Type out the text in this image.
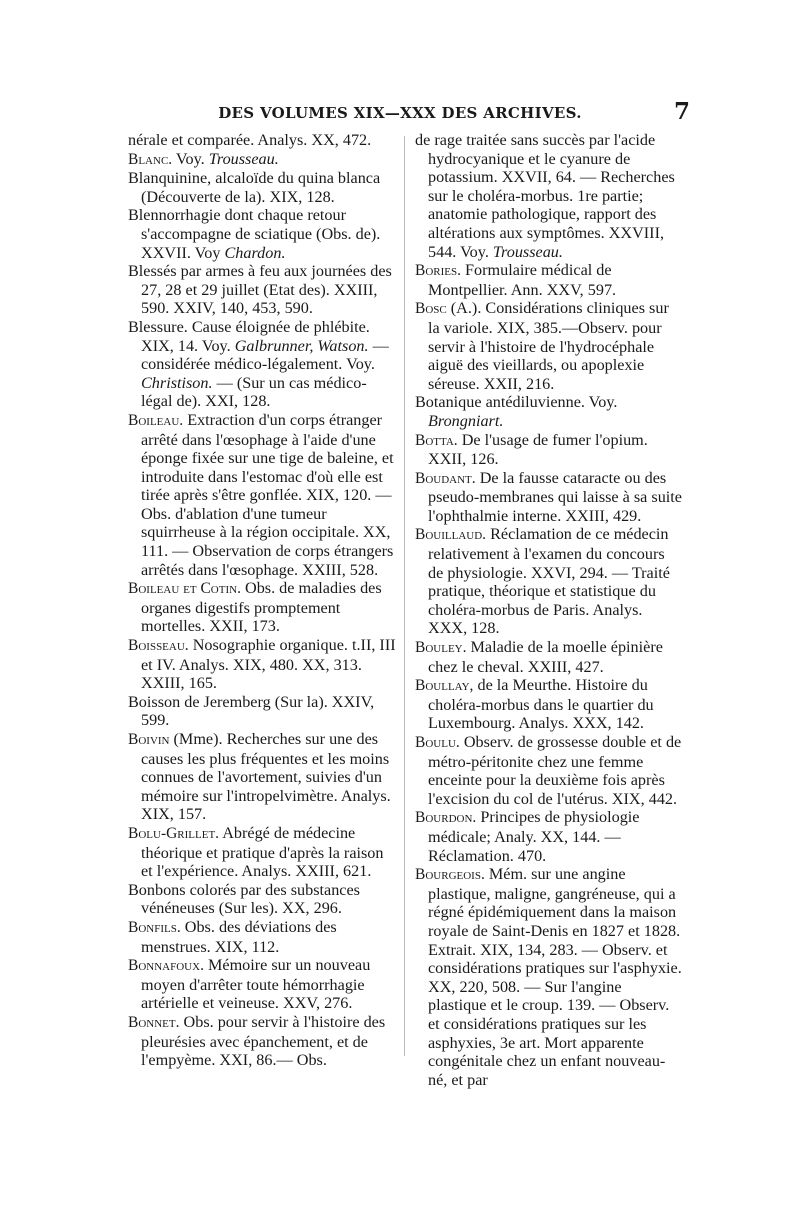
DES VOLUMES XIX—XXX DES ARCHIVES.	7
nérale et comparée. Analys. XX, 472.
Blanc. Voy. Trousseau.
Blanquinine, alcaloïde du quina blanca (Découverte de la). XIX, 128.
Blennorrhagie dont chaque retour s'accompagne de sciatique (Obs. de). XXVII. Voy Chardon.
Blessés par armes à feu aux journées des 27, 28 et 29 juillet (Etat des). XXIII, 590. XXIV, 140, 453, 590.
Blessure. Cause éloignée de phlébite. XIX, 14. Voy. Galbrunner, Watson. — considérée médico-légalement. Voy. Christison. — (Sur un cas médico-légal de). XXI, 128.
Boileau. Extraction d'un corps étranger arrêté dans l'œsophage à l'aide d'une éponge fixée sur une tige de baleine, et introduite dans l'estomac d'où elle est tirée après s'être gonflée. XIX, 120. — Obs. d'ablation d'une tumeur squirrheuse à la région occipitale. XX, 111. — Observation de corps étrangers arrêtés dans l'œsophage. XXIII, 528.
Boileau et Cotin. Obs. de maladies des organes digestifs promptement mortelles. XXII, 173.
Boisseau. Nosographie organique. t.II, III et IV. Analys. XIX, 480. XX, 313. XXIII, 165.
Boisson de Jeremberg (Sur la). XXIV, 599.
Boivin (Mme). Recherches sur une des causes les plus fréquentes et les moins connues de l'avortement, suivies d'un mémoire sur l'intropelvimètre. Analys. XIX, 157.
Bolu-Grillet. Abrégé de médecine théorique et pratique d'après la raison et l'expérience. Analys. XXIII, 621.
Bonbons colorés par des substances vénéneuses (Sur les). XX, 296.
Bonfils. Obs. des déviations des menstrues. XIX, 112.
Bonnafoux. Mémoire sur un nouveau moyen d'arrêter toute hémorrhagie artérielle et veineuse. XXV, 276.
Bonnet. Obs. pour servir à l'histoire des pleurésies avec épanchement, et de l'empyème. XXI, 86.— Obs.
de rage traitée sans succès par l'acide hydrocyanique et le cyanure de potassium. XXVII, 64. — Recherches sur le choléra-morbus. 1re partie; anatomie pathologique, rapport des altérations aux symptômes. XXVIII, 544. Voy. Trousseau.
Bories. Formulaire médical de Montpellier. Ann. XXV, 597.
Bosc (A.). Considérations cliniques sur la variole. XIX, 385.—Observ. pour servir à l'histoire de l'hydrocéphale aiguë des vieillards, ou apoplexie séreuse. XXII, 216.
Botanique antédiluvienne. Voy. Brongniart.
Botta. De l'usage de fumer l'opium. XXII, 126.
Boudant. De la fausse cataracte ou des pseudo-membranes qui laisse à sa suite l'ophthalmie interne. XXIII, 429.
Bouillaud. Réclamation de ce médecin relativement à l'examen du concours de physiologie. XXVI, 294. — Traité pratique, théorique et statistique du choléra-morbus de Paris. Analys. XXX, 128.
Bouley. Maladie de la moelle épinière chez le cheval. XXIII, 427.
Boullay, de la Meurthe. Histoire du choléra-morbus dans le quartier du Luxembourg. Analys. XXX, 142.
Boulu. Observ. de grossesse double et de métro-péritonite chez une femme enceinte pour la deuxième fois après l'excision du col de l'utérus. XIX, 442.
Bourdon. Principes de physiologie médicale; Analy. XX, 144. — Réclamation. 470.
Bourgeois. Mém. sur une angine plastique, maligne, gangréneuse, qui a régné épidémiquement dans la maison royale de Saint-Denis en 1827 et 1828. Extrait. XIX, 134, 283. — Observ. et considérations pratiques sur l'asphyxie. XX, 220, 508. — Sur l'angine plastique et le croup. 139. — Observ. et considérations pratiques sur les asphyxies, 3e art. Mort apparente congénitale chez un enfant nouveau-né, et par
